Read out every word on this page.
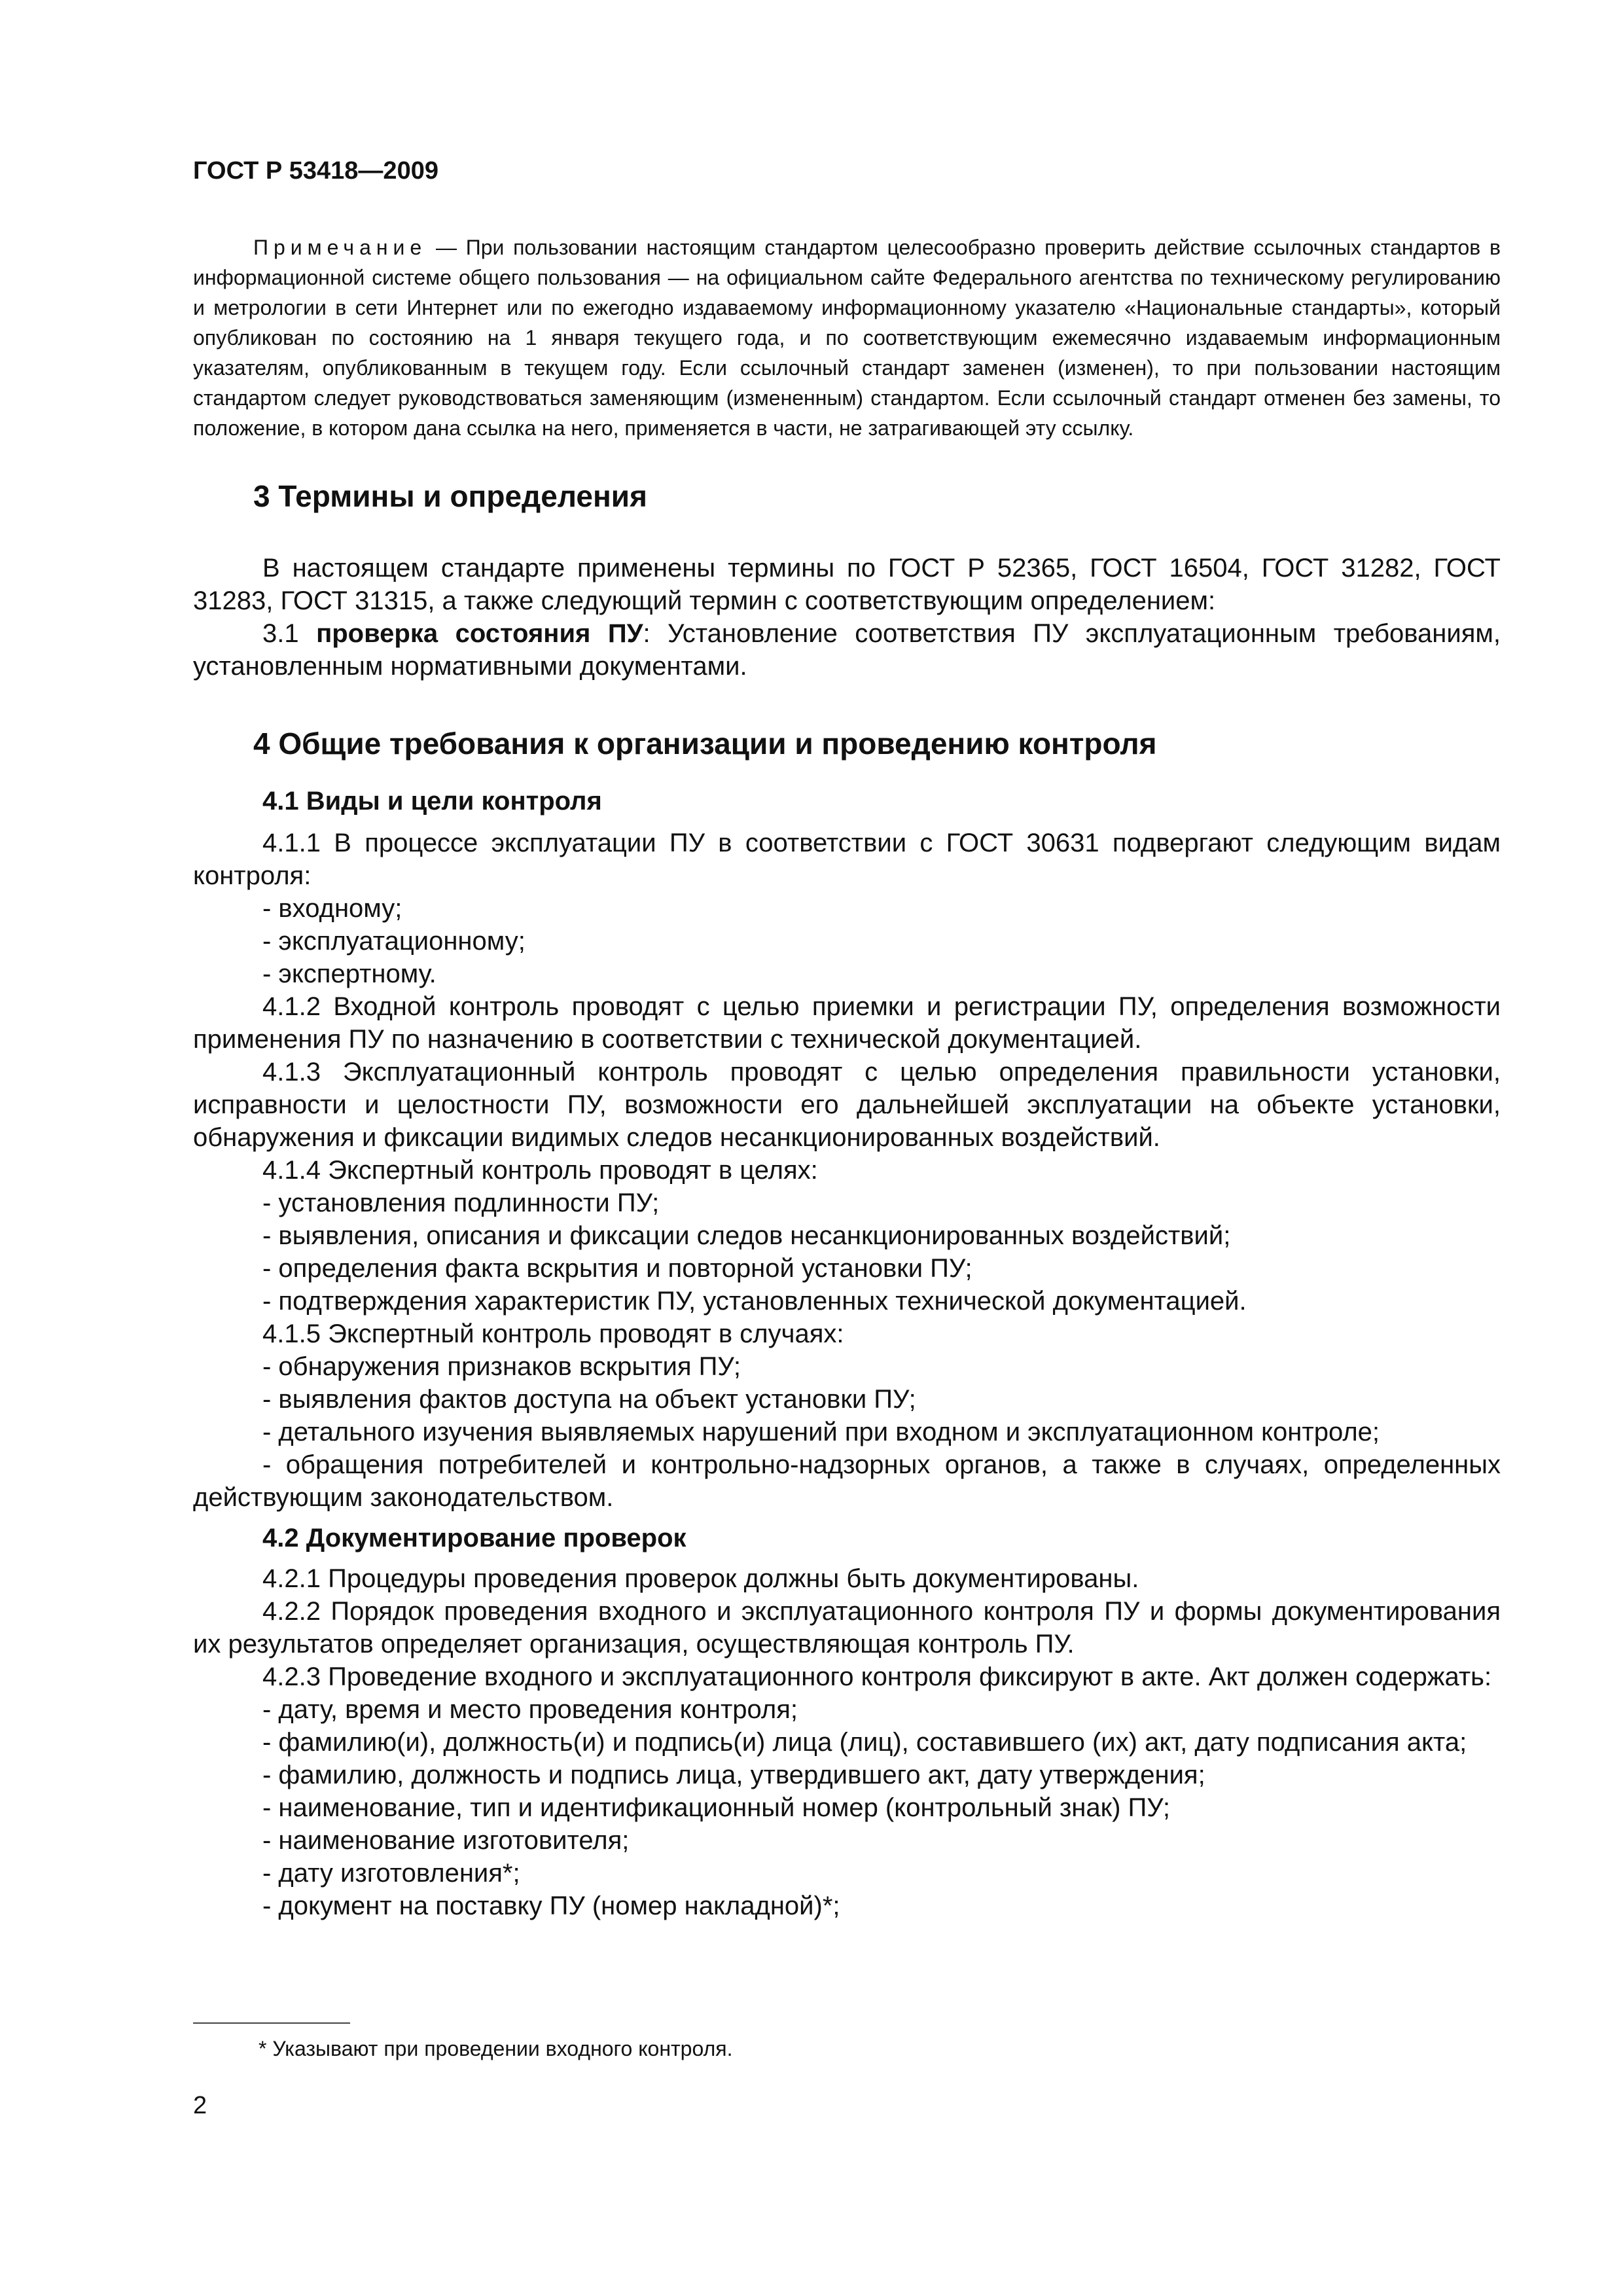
ГОСТ Р 53418—2009

Примечание — При пользовании настоящим стандартом целесообразно проверить действие ссылочных стандартов в информационной системе общего пользования — на официальном сайте Федерального агентства по техническому регулированию и метрологии в сети Интернет или по ежегодно издаваемому информационному указателю «Национальные стандарты», который опубликован по состоянию на 1 января текущего года, и по соответствующим ежемесячно издаваемым информационным указателям, опубликованным в текущем году. Если ссылочный стандарт заменен (изменен), то при пользовании настоящим стандартом следует руководствоваться заменяющим (измененным) стандартом. Если ссылочный стандарт отменен без замены, то положение, в котором дана ссылка на него, применяется в части, не затрагивающей эту ссылку.

3 Термины и определения

В настоящем стандарте применены термины по ГОСТ Р 52365, ГОСТ 16504, ГОСТ 31282, ГОСТ 31283, ГОСТ 31315, а также следующий термин с соответствующим определением:

3.1 проверка состояния ПУ: Установление соответствия ПУ эксплуатационным требованиям, установленным нормативными документами.

4 Общие требования к организации и проведению контроля
4.1 Виды и цели контроля

4.1.1 В процессе эксплуатации ПУ в соответствии с ГОСТ 30631 подвергают следующим видам контроля:

- входному;

- эксплуатационному;

- экспертному.

4.1.2 Входной контроль проводят с целью приемки и регистрации ПУ, определения возможности применения ПУ по назначению в соответствии с технической документацией.

4.1.3 Эксплуатационный контроль проводят с целью определения правильности установки, исправности и целостности ПУ, возможности его дальнейшей эксплуатации на объекте установки, обнаружения и фиксации видимых следов несанкционированных воздействий.

4.1.4 Экспертный контроль проводят в целях:

- установления подлинности ПУ;

- выявления, описания и фиксации следов несанкционированных воздействий;

- определения факта вскрытия и повторной установки ПУ;

- подтверждения характеристик ПУ, установленных технической документацией.

4.1.5 Экспертный контроль проводят в случаях:

- обнаружения признаков вскрытия ПУ;

- выявления фактов доступа на объект установки ПУ;

- детального изучения выявляемых нарушений при входном и эксплуатационном контроле;

- обращения потребителей и контрольно-надзорных органов, а также в случаях, определенных действующим законодательством.

4.2 Документирование проверок

4.2.1 Процедуры проведения проверок должны быть документированы.

4.2.2 Порядок проведения входного и эксплуатационного контроля ПУ и формы документирования их результатов определяет организация, осуществляющая контроль ПУ.

4.2.3 Проведение входного и эксплуатационного контроля фиксируют в акте. Акт должен содержать:

- дату, время и место проведения контроля;

- фамилию(и), должность(и) и подпись(и) лица (лиц), составившего (их) акт, дату подписания акта;

- фамилию, должность и подпись лица, утвердившего акт, дату утверждения;

- наименование, тип и идентификационный номер (контрольный знак) ПУ;

- наименование изготовителя;

- дату изготовления*;

- документ на поставку ПУ (номер накладной)*;

* Указывают при проведении входного контроля.

2
